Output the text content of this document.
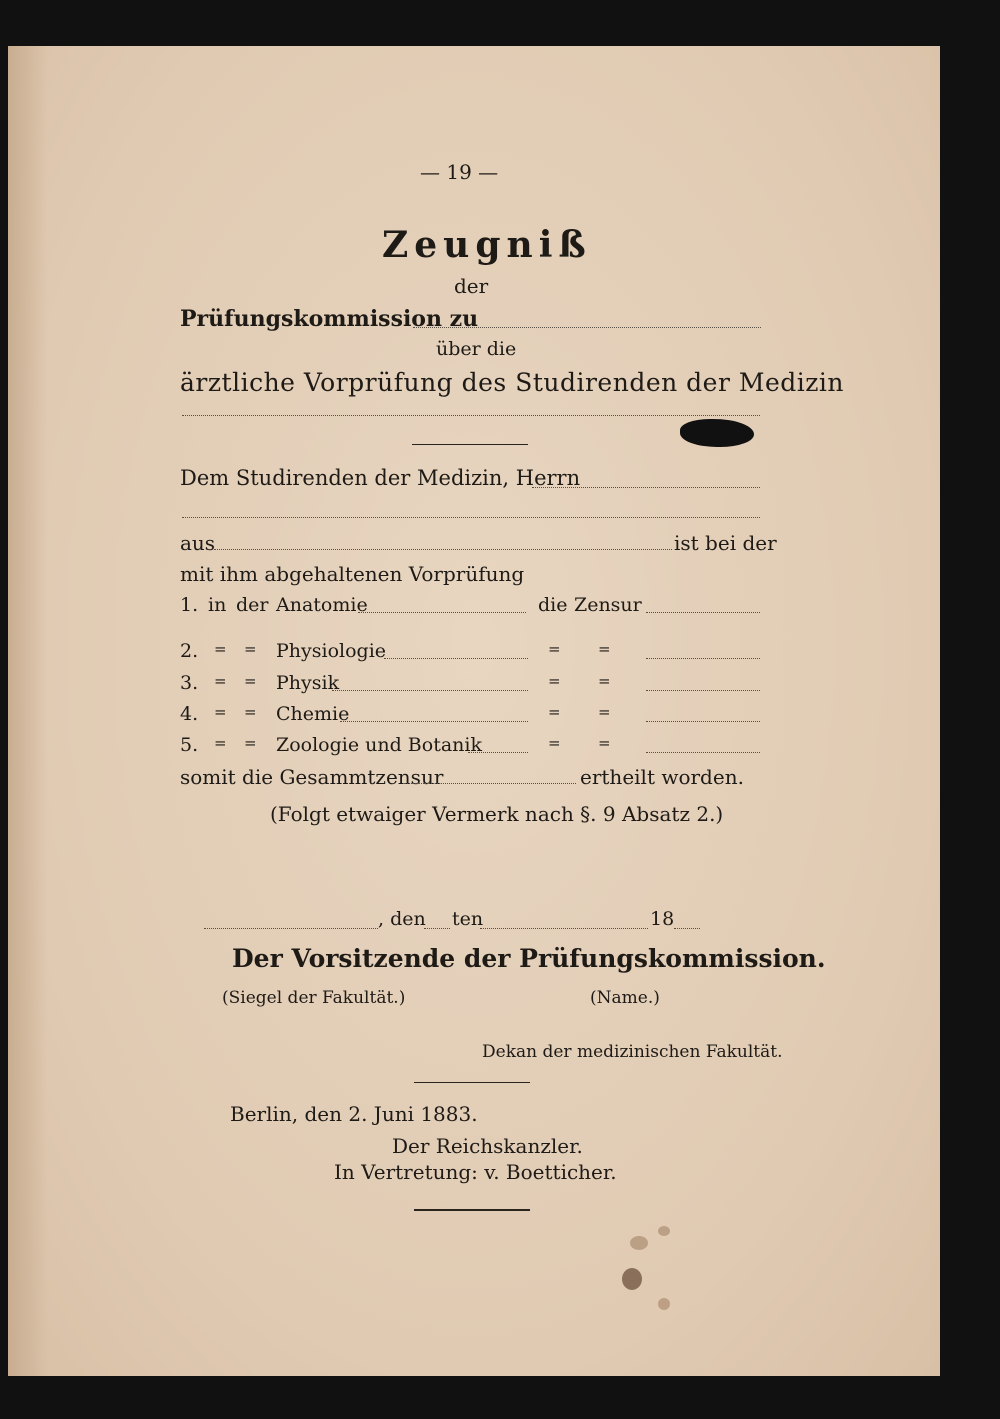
— 19 —
Zeugniß
der
Prüfungskommission zu
über die
ärztliche Vorprüfung des Studirenden der Medizin
Dem Studirenden der Medizin, Herrn
aus	ist bei der
mit ihm abgehaltenen Vorprüfung
1. in der Anatomie	die Zensur
2. = = Physiologie	= =
3. = = Physik	= =
4. = = Chemie	= =
5. = = Zoologie und Botanik	= =
somit die Gesammtzensur	ertheilt worden.
(Folgt etwaiger Vermerk nach §. 9 Absatz 2.)
, den ten	18
Der Vorsitzende der Prüfungskommission.
(Siegel der Fakultät.)	(Name.)
Dekan der medizinischen Fakultät.
Berlin, den 2. Juni 1883.
Der Reichskanzler.
In Vertretung: v. Boetticher.
